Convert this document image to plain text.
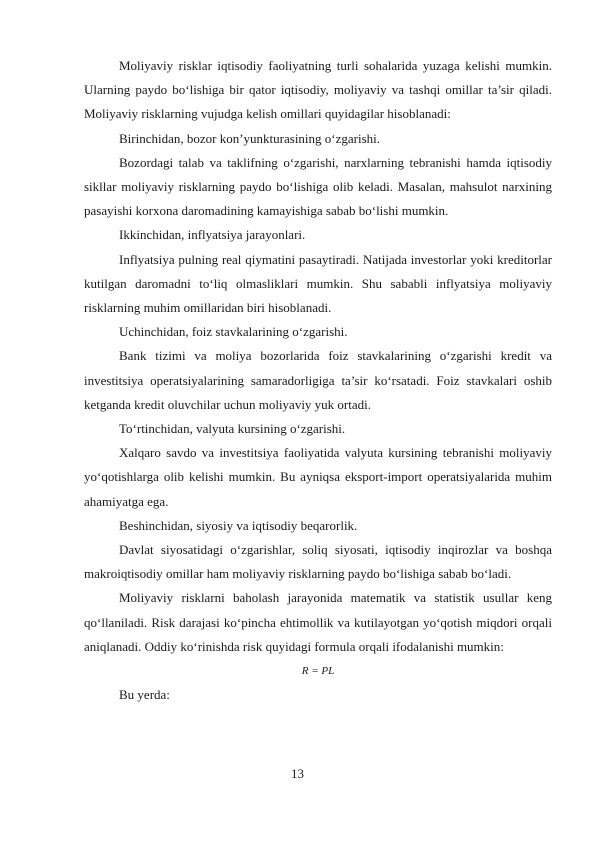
Moliyaviy risklar iqtisodiy faoliyatning turli sohalarida yuzaga kelishi mumkin. Ularning paydo bo‘lishiga bir qator iqtisodiy, moliyaviy va tashqi omillar ta’sir qiladi. Moliyaviy risklarning vujudga kelish omillari quyidagilar hisoblanadi:

Birinchidan, bozor kon’yunkturasining o‘zgarishi.

Bozordagi talab va taklifning o‘zgarishi, narxlarning tebranishi hamda iqtisodiy sikllar moliyaviy risklarning paydo bo‘lishiga olib keladi. Masalan, mahsulot narxining pasayishi korxona daromadining kamayishiga sabab bo‘lishi mumkin.

Ikkinchidan, inflyatsiya jarayonlari.

Inflyatsiya pulning real qiymatini pasaytiradi. Natijada investorlar yoki kreditorlar kutilgan daromadni to‘liq olmasliklari mumkin. Shu sababli inflyatsiya moliyaviy risklarning muhim omillaridan biri hisoblanadi.

Uchinchidan, foiz stavkalarining o‘zgarishi.

Bank tizimi va moliya bozorlarida foiz stavkalarining o‘zgarishi kredit va investitsiya operatsiyalarining samaradorligiga ta’sir ko‘rsatadi. Foiz stavkalari oshib ketganda kredit oluvchilar uchun moliyaviy yuk ortadi.

To‘rtinchidan, valyuta kursining o‘zgarishi.

Xalqaro savdo va investitsiya faoliyatida valyuta kursining tebranishi moliyaviy yo‘qotishlarga olib kelishi mumkin. Bu ayniqsa eksport-import operatsiyalarida muhim ahamiyatga ega.

Beshinchidan, siyosiy va iqtisodiy beqarorlik.

Davlat siyosatidagi o‘zgarishlar, soliq siyosati, iqtisodiy inqirozlar va boshqa makroiqtisodiy omillar ham moliyaviy risklarning paydo bo‘lishiga sabab bo‘ladi.

Moliyaviy risklarni baholash jarayonida matematik va statistik usullar keng qo‘llaniladi. Risk darajasi ko‘pincha ehtimollik va kutilayotgan yo‘qotish miqdori orqali aniqlanadi. Oddiy ko‘rinishda risk quyidagi formula orqali ifodalanishi mumkin:

R = PL

Bu yerda:

13
